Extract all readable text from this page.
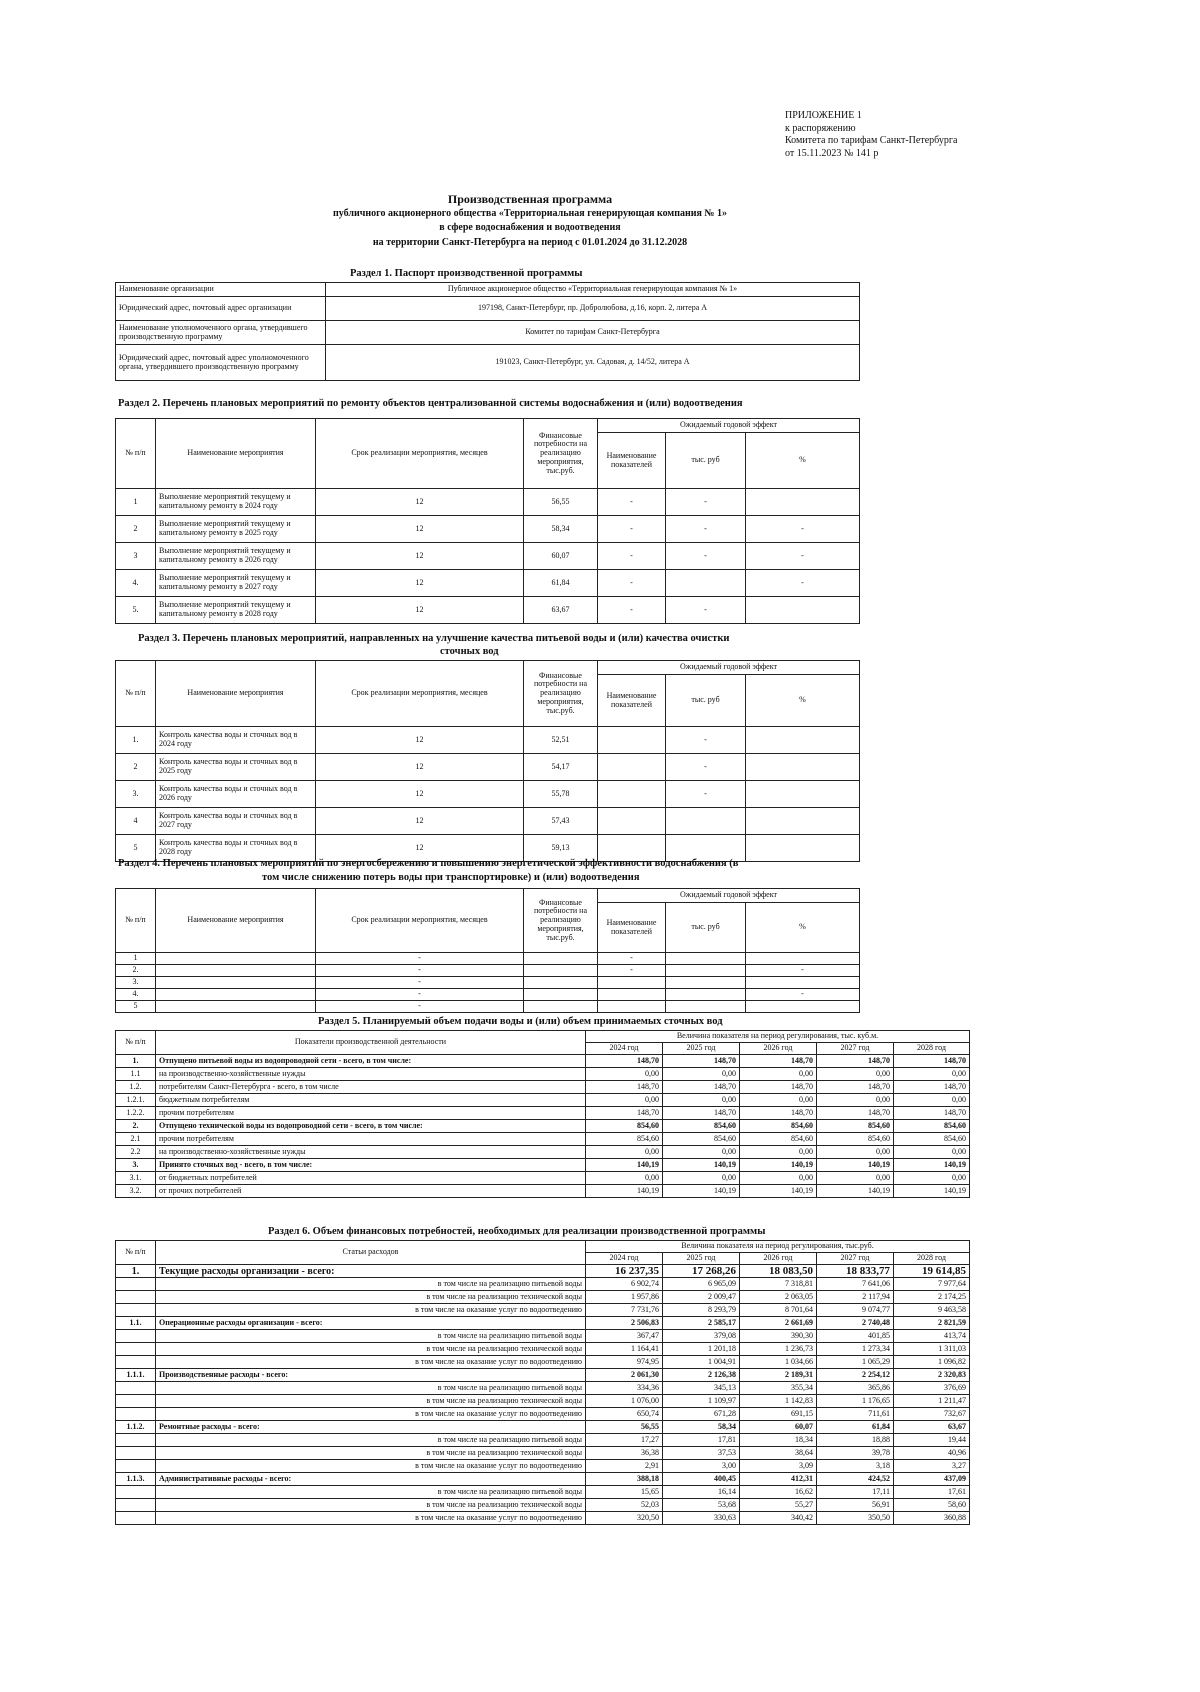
ПРИЛОЖЕНИЕ 1
к распоряжению
Комитета по тарифам Санкт-Петербурга
от 15.11.2023 № 141 р
Производственная программа
публичного акционерного общества «Территориальная генерирующая компания № 1»
в сфере водоснабжения и водоотведения
на территории Санкт-Петербурга на период с 01.01.2024 до 31.12.2028
Раздел 1. Паспорт производственной программы
Наименование организации	Публичное акционерное общество «Территориальная генерирующая компания № 1»
Юридический адрес, почтовый адрес организации	197198, Санкт-Петербург, пр. Добролюбова, д.16, корп. 2, литера А
Наименование уполномоченного органа, утвердившего производственную программу	Комитет по тарифам Санкт-Петербурга
Юридический адрес, почтовый адрес уполномоченного органа, утвердившего производственную программу	191023, Санкт-Петербург, ул. Садовая, д. 14/52, литера А
Раздел 2. Перечень плановых мероприятий по ремонту объектов централизованной системы водоснабжения и (или) водоотведения
№ п/п	Наименование мероприятия	Срок реализации мероприятия, месяцев	Финансовые потребности на реализацию мероприятия, тыс.руб.	Ожидаемый годовой эффект		
				Наименование показателей	тыс. руб	%
1	Выполнение мероприятий текущему и капитальному ремонту в 2024 году	12	56,55	-	-	
2	Выполнение мероприятий текущему и капитальному ремонту в 2025 году	12	58,34	-	-	-
3	Выполнение мероприятий текущему и капитальному ремонту в 2026 году	12	60,07	-	-	-
4.	Выполнение мероприятий текущему и капитальному ремонту в 2027 году	12	61,84	-		-
5.	Выполнение мероприятий текущему и капитальному ремонту в 2028 году	12	63,67	-	-	
Раздел 3. Перечень плановых мероприятий, направленных на улучшение качества питьевой воды и (или) качества очистки
сточных вод
№ п/п	Наименование мероприятия	Срок реализации мероприятия, месяцев	Финансовые потребности на реализацию мероприятия, тыс.руб.	Ожидаемый годовой эффект		
				Наименование показателей	тыс. руб	%
1.	Контроль качества воды и сточных вод в 2024 году	12	52,51		-	
2	Контроль качества воды и сточных вод в 2025 году	12	54,17		-	
3.	Контроль качества воды и сточных вод в 2026 году	12	55,78		-	
4	Контроль качества воды и сточных вод в 2027 году	12	57,43			
5	Контроль качества воды и сточных вод в 2028 году	12	59,13			
Раздел 4. Перечень плановых мероприятий по энергосбережению и повышению энергетической эффективности водоснабжения (в
том числе снижению потерь воды при транспортировке) и (или) водоотведения
№ п/п	Наименование мероприятия	Срок реализации мероприятия, месяцев	Финансовые потребности на реализацию мероприятия, тыс.руб.	Ожидаемый годовой эффект		
				Наименование показателей	тыс. руб	%
1		-		-		
2.		-		-		-
3.		-				
4.		-				-
5		-				
Раздел 5. Планируемый объем подачи воды и (или) объем принимаемых сточных вод
№ п/п	Показатели производственной деятельности	Величина показателя на период регулирования, тыс. куб.м.				
		2024 год	2025 год	2026 год	2027 год	2028 год
1.	Отпущено питьевой воды из водопроводной сети - всего, в том числе:	148,70	148,70	148,70	148,70	148,70
1.1	на производственно-хозяйственные нужды	0,00	0,00	0,00	0,00	0,00
1.2.	потребителям Санкт-Петербурга - всего, в том числе	148,70	148,70	148,70	148,70	148,70
1.2.1.	бюджетным потребителям	0,00	0,00	0,00	0,00	0,00
1.2.2.	прочим потребителям	148,70	148,70	148,70	148,70	148,70
2.	Отпущено технической воды из водопроводной сети - всего, в том числе:	854,60	854,60	854,60	854,60	854,60
2.1	прочим потребителям	854,60	854,60	854,60	854,60	854,60
2.2	на производственно-хозяйственные нужды	0,00	0,00	0,00	0,00	0,00
3.	Принято сточных вод - всего, в том числе:	140,19	140,19	140,19	140,19	140,19
3.1.	от бюджетных потребителей	0,00	0,00	0,00	0,00	0,00
3.2.	от прочих потребителей	140,19	140,19	140,19	140,19	140,19
Раздел 6. Объем финансовых потребностей, необходимых для реализации производственной программы
№ п/п	Статьи расходов	Величина показателя на период регулирования, тыс.руб.				
		2024 год	2025 год	2026 год	2027 год	2028 год
1.	Текущие расходы организации - всего:	16 237,35	17 268,26	18 083,50	18 833,77	19 614,85
	в том числе на реализацию питьевой воды	6 902,74	6 965,09	7 318,81	7 641,06	7 977,64
	в том числе на реализацию технической воды	1 957,86	2 009,47	2 063,05	2 117,94	2 174,25
	в том числе на оказание услуг по водоотведению	7 731,76	8 293,79	8 701,64	9 074,77	9 463,58
1.1.	Операционные расходы организации - всего:	2 506,83	2 585,17	2 661,69	2 740,48	2 821,59
	в том числе на реализацию питьевой воды	367,47	379,08	390,30	401,85	413,74
	в том числе на реализацию технической воды	1 164,41	1 201,18	1 236,73	1 273,34	1 311,03
	в том числе на оказание услуг по водоотведению	974,95	1 004,91	1 034,66	1 065,29	1 096,82
1.1.1.	Производственные расходы - всего:	2 061,30	2 126,38	2 189,31	2 254,12	2 320,83
	в том числе на реализацию питьевой воды	334,36	345,13	355,34	365,86	376,69
	в том числе на реализацию технической воды	1 076,00	1 109,97	1 142,83	1 176,65	1 211,47
	в том числе на оказание услуг по водоотведению	650,74	671,28	691,15	711,61	732,67
1.1.2.	Ремонтные расходы - всего:	56,55	58,34	60,07	61,84	63,67
	в том числе на реализацию питьевой воды	17,27	17,81	18,34	18,88	19,44
	в том числе на реализацию технической воды	36,38	37,53	38,64	39,78	40,96
	в том числе на оказание услуг по водоотведению	2,91	3,00	3,09	3,18	3,27
1.1.3.	Административные расходы - всего:	388,18	400,45	412,31	424,52	437,09
	в том числе на реализацию питьевой воды	15,65	16,14	16,62	17,11	17,61
	в том числе на реализацию технической воды	52,03	53,68	55,27	56,91	58,60
	в том числе на оказание услуг по водоотведению	320,50	330,63	340,42	350,50	360,88
